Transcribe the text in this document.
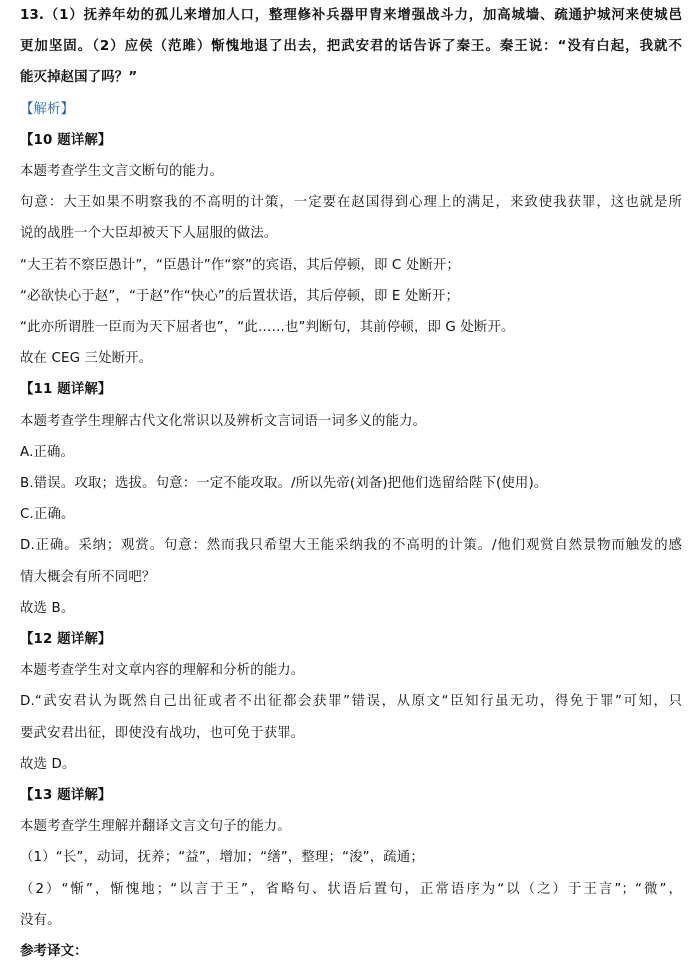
13.（1）抚养年幼的孤儿来增加人口，整理修补兵器甲胄来增强战斗力，加高城墙、疏通护城河来使城邑
更加坚固。（2）应侯（范雎）惭愧地退了出去，把武安君的话告诉了秦王。秦王说：“没有白起，我就不
能灭掉赵国了吗？”
【解析】
【10 题详解】
本题考查学生文言文断句的能力。
句意：大王如果不明察我的不高明的计策，一定要在赵国得到心理上的满足，来致使我获罪，这也就是所
说的战胜一个大臣却被天下人屈服的做法。
“大王若不察臣愚计”，“臣愚计”作“察”的宾语，其后停顿，即 C 处断开；
“必欲快心于赵”，“于赵”作“快心”的后置状语，其后停顿，即 E 处断开；
“此亦所谓胜一臣而为天下屈者也”，“此……也”判断句，其前停顿，即 G 处断开。
故在 CEG 三处断开。
【11 题详解】
本题考查学生理解古代文化常识以及辨析文言词语一词多义的能力。
A.正确。
B.错误。攻取；选拔。句意：一定不能攻取。/所以先帝(刘备)把他们选留给陛下(使用)。
C.正确。
D.正确。采纳；观赏。句意：然而我只希望大王能采纳我的不高明的计策。/他们观赏自然景物而触发的感
情大概会有所不同吧？
故选 B。
【12 题详解】
本题考查学生对文章内容的理解和分析的能力。
D.“武安君认为既然自己出征或者不出征都会获罪”错误，从原文“臣知行虽无功，得免于罪”可知，只
要武安君出征，即使没有战功，也可免于获罪。
故选 D。
【13 题详解】
本题考查学生理解并翻译文言文句子的能力。
（1）“长”，动词，抚养；“益”，增加；“缮”，整理；“浚”，疏通；
（2）“惭”，惭愧地；“以言于王”，省略句、状语后置句，正常语序为“以（之）于王言”；“微”，
没有。
参考译文：
